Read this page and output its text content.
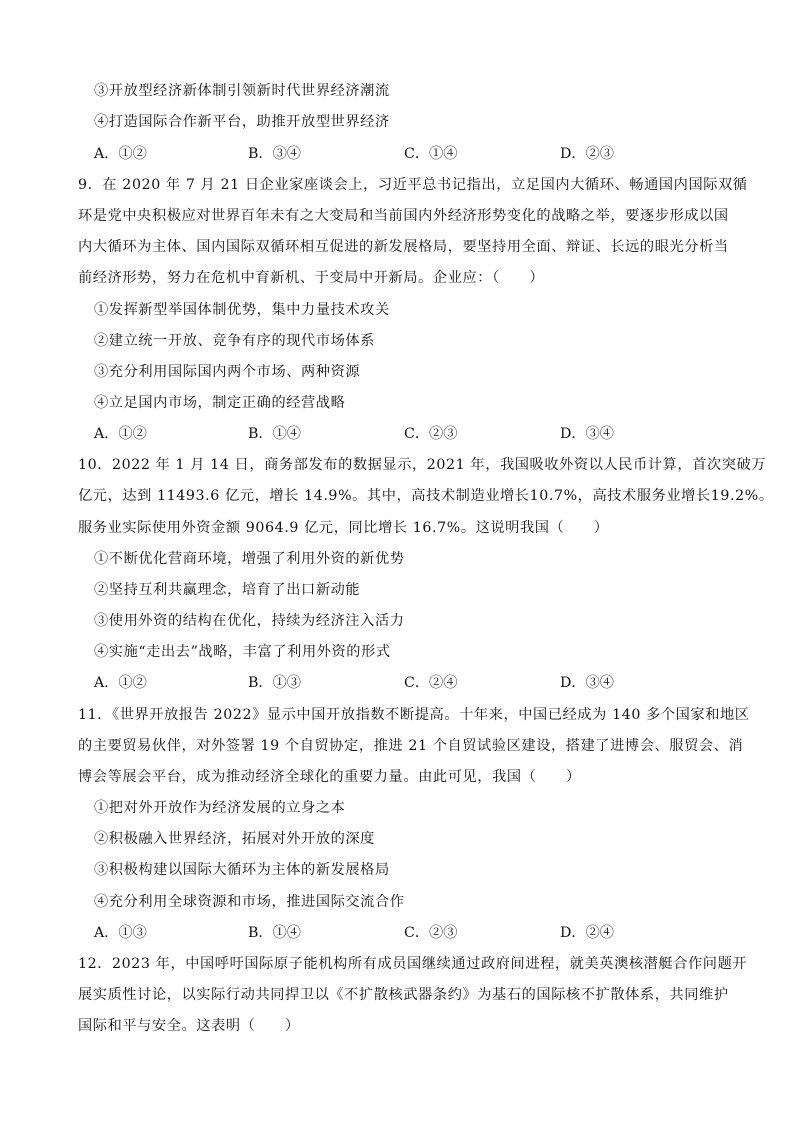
③开放型经济新体制引领新时代世界经济潮流
④打造国际合作新平台，助推开放型世界经济
A．①②	B．③④	C．①④	D．②③
9．在 2020 年 7 月 21 日企业家座谈会上，习近平总书记指出，立足国内大循环、畅通国内国际双循
环是党中央积极应对世界百年未有之大变局和当前国内外经济形势变化的战略之举，要逐步形成以国
内大循环为主体、国内国际双循环相互促进的新发展格局，要坚持用全面、辩证、长远的眼光分析当
前经济形势，努力在危机中育新机、于变局中开新局。企业应：（　　）
①发挥新型举国体制优势，集中力量技术攻关
②建立统一开放、竞争有序的现代市场体系
③充分利用国际国内两个市场、两种资源
④立足国内市场，制定正确的经营战略
A．①②	B．①④	C．②③	D．③④
10．2022 年 1 月 14 日，商务部发布的数据显示，2021 年，我国吸收外资以人民币计算，首次突破万
亿元，达到 11493.6 亿元，增长 14.9%。其中，高技术制造业增长10.7%，高技术服务业增长19.2%。
服务业实际使用外资金额 9064.9 亿元，同比增长 16.7%。这说明我国（　　）
①不断优化营商环境，增强了利用外资的新优势
②坚持互利共赢理念，培育了出口新动能
③使用外资的结构在优化，持续为经济注入活力
④实施“走出去”战略，丰富了利用外资的形式
A．①②	B．①③	C．②④	D．③④
11．《世界开放报告 2022》显示中国开放指数不断提高。十年来，中国已经成为 140 多个国家和地区
的主要贸易伙伴，对外签署 19 个自贸协定，推进 21 个自贸试验区建设，搭建了进博会、服贸会、消
博会等展会平台，成为推动经济全球化的重要力量。由此可见，我国（　　）
①把对外开放作为经济发展的立身之本
②积极融入世界经济，拓展对外开放的深度
③积极构建以国际大循环为主体的新发展格局
④充分利用全球资源和市场，推进国际交流合作
A．①③	B．①④	C．②③	D．②④
12．2023 年，中国呼吁国际原子能机构所有成员国继续通过政府间进程，就美英澳核潜艇合作问题开
展实质性讨论，以实际行动共同捍卫以《不扩散核武器条约》为基石的国际核不扩散体系，共同维护
国际和平与安全。这表明（　　）
